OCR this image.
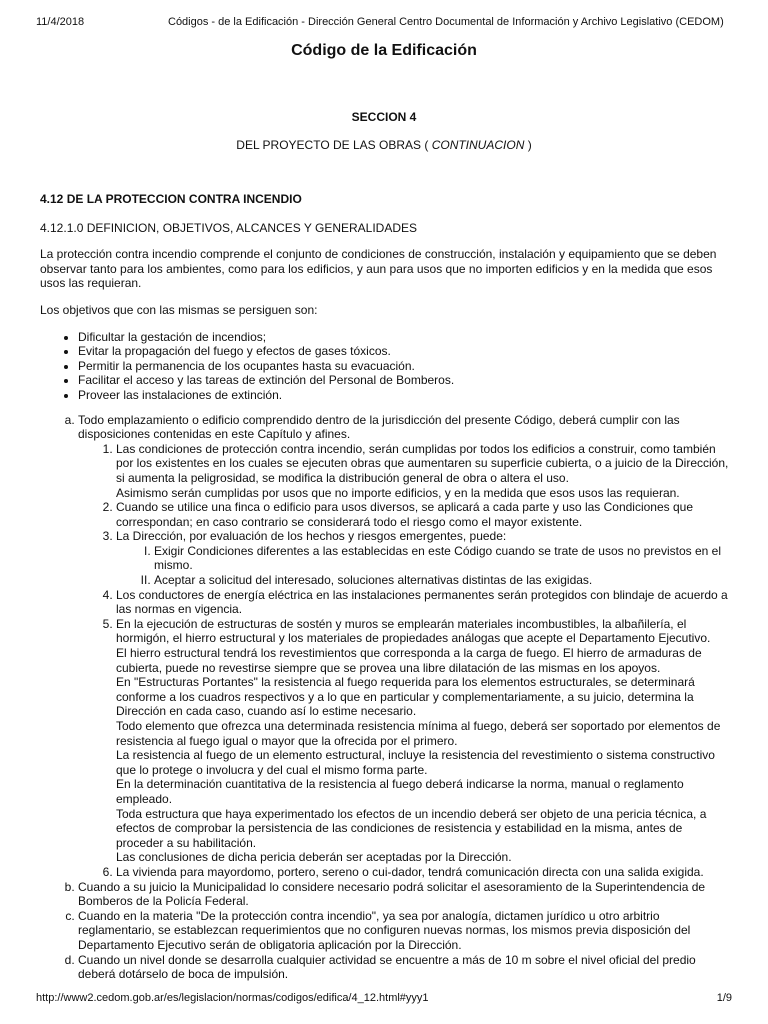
11/4/2018	Códigos - de la Edificación - Dirección General Centro Documental de Información y Archivo Legislativo (CEDOM)
Código de la Edificación
SECCION 4
DEL PROYECTO DE LAS OBRAS ( CONTINUACION )
4.12 DE LA PROTECCION CONTRA INCENDIO
4.12.1.0 DEFINICION, OBJETIVOS, ALCANCES Y GENERALIDADES

La protección contra incendio comprende el conjunto de condiciones de construcción, instalación y equipamiento que se deben observar tanto para los ambientes, como para los edificios, y aun para usos que no importen edificios y en la medida que esos usos las requieran.

Los objetivos que con las mismas se persiguen son:

• Dificultar la gestación de incendios;
• Evitar la propagación del fuego y efectos de gases tóxicos.
• Permitir la permanencia de los ocupantes hasta su evacuación.
• Facilitar el acceso y las tareas de extinción del Personal de Bomberos.
• Proveer las instalaciones de extinción.
a. Todo emplazamiento o edificio comprendido dentro de la jurisdicción del presente Código, deberá cumplir con las disposiciones contenidas en este Capítulo y afines.
1. Las condiciones de protección contra incendio, serán cumplidas por todos los edificios a construir, como también por los existentes en los cuales se ejecuten obras que aumentaren su superficie cubierta, o a juicio de la Dirección, si aumenta la peligrosidad, se modifica la distribución general de obra o altera el uso.
Asimismo serán cumplidas por usos que no importe edificios, y en la medida que esos usos las requieran.
2. Cuando se utilice una finca o edificio para usos diversos, se aplicará a cada parte y uso las Condiciones que correspondan; en caso contrario se considerará todo el riesgo como el mayor existente.
3. La Dirección, por evaluación de los hechos y riesgos emergentes, puede:
I. Exigir Condiciones diferentes a las establecidas en este Código cuando se trate de usos no previstos en el mismo.
II. Aceptar a solicitud del interesado, soluciones alternativas distintas de las exigidas.
4. Los conductores de energía eléctrica en las instalaciones permanentes serán protegidos con blindaje de acuerdo a las normas en vigencia.
5. En la ejecución de estructuras de sostén y muros se emplearán materiales incombustibles, la albañilería, el hormigón, el hierro estructural y los materiales de propiedades análogas que acepte el Departamento Ejecutivo.
El hierro estructural tendrá los revestimientos que corresponda a la carga de fuego. El hierro de armaduras de cubierta, puede no revestirse siempre que se provea una libre dilatación de las mismas en los apoyos.
En "Estructuras Portantes" la resistencia al fuego requerida para los elementos estructurales, se determinará conforme a los cuadros respectivos y a lo que en particular y complementariamente, a su juicio, determina la Dirección en cada caso, cuando así lo estime necesario.
Todo elemento que ofrezca una determinada resistencia mínima al fuego, deberá ser soportado por elementos de resistencia al fuego igual o mayor que la ofrecida por el primero.
La resistencia al fuego de un elemento estructural, incluye la resistencia del revestimiento o sistema constructivo que lo protege o involucra y del cual el mismo forma parte.
En la determinación cuantitativa de la resistencia al fuego deberá indicarse la norma, manual o reglamento empleado.
Toda estructura que haya experimentado los efectos de un incendio deberá ser objeto de una pericia técnica, a efectos de comprobar la persistencia de las condiciones de resistencia y estabilidad en la misma, antes de proceder a su habilitación.
Las conclusiones de dicha pericia deberán ser aceptadas por la Dirección.
6. La vivienda para mayordomo, portero, sereno o cui-dador, tendrá comunicación directa con una salida exigida.
b. Cuando a su juicio la Municipalidad lo considere necesario podrá solicitar el asesoramiento de la Superintendencia de Bomberos de la Policía Federal.
c. Cuando en la materia "De la protección contra incendio", ya sea por analogía, dictamen jurídico u otro arbitrio reglamentario, se establezcan requerimientos que no configuren nuevas normas, los mismos previa disposición del Departamento Ejecutivo serán de obligatoria aplicación por la Dirección.
d. Cuando un nivel donde se desarrolla cualquier actividad se encuentre a más de 10 m sobre el nivel oficial del predio deberá dotárselo de boca de impulsión.
http://www2.cedom.gob.ar/es/legislacion/normas/codigos/edifica/4_12.html#yyy1	1/9
